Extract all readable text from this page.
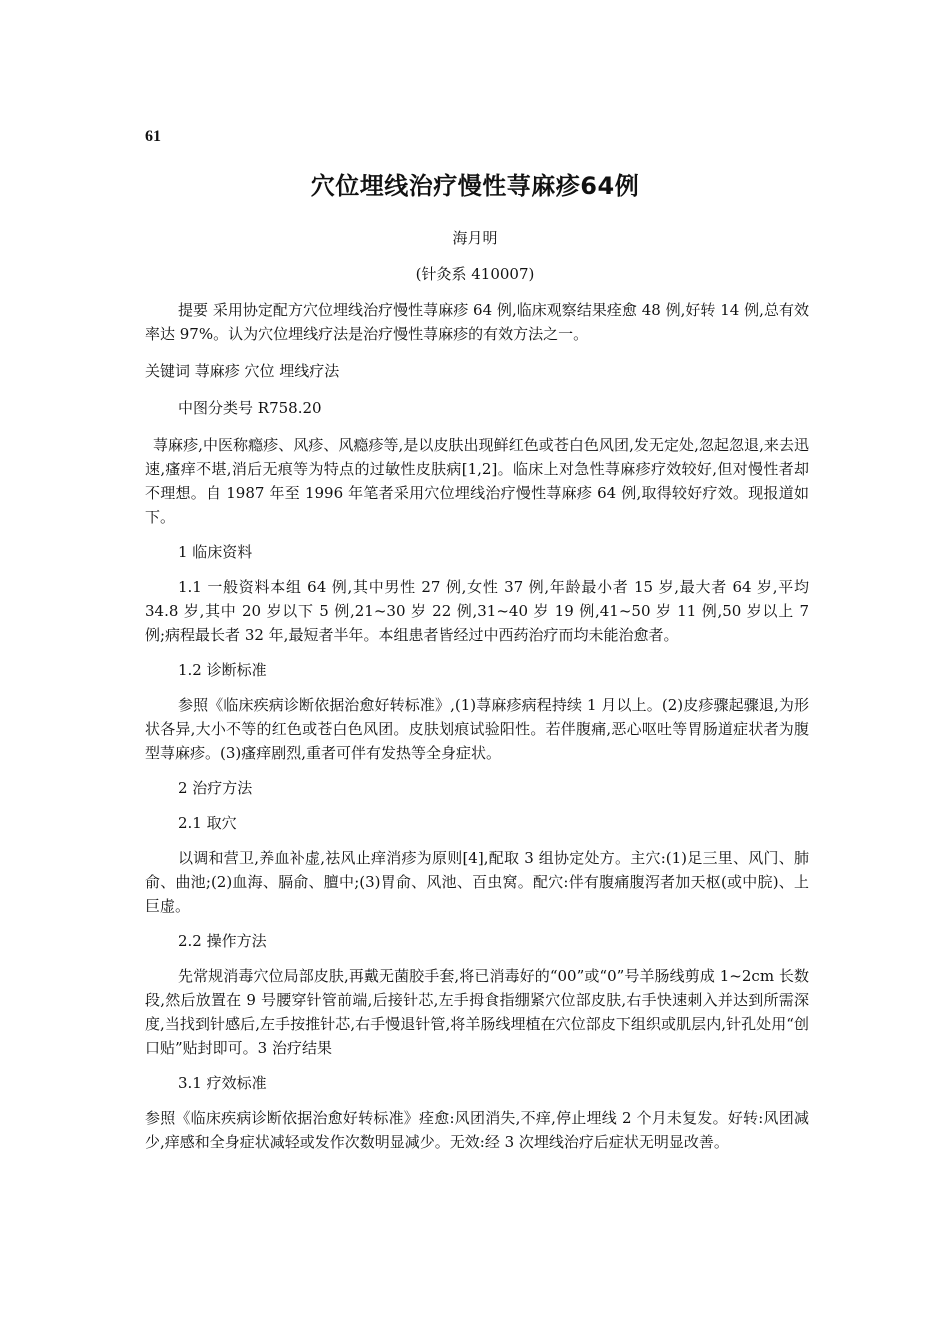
61
穴位埋线治疗慢性荨麻疹64例
海月明
(针灸系 410007)

提要 采用协定配方穴位埋线治疗慢性荨麻疹 64 例,临床观察结果痊愈 48 例,好转 14 例,总有效率达 97%。认为穴位埋线疗法是治疗慢性荨麻疹的有效方法之一。

关键词 荨麻疹 穴位 埋线疗法

中图分类号 R758.20

荨麻疹,中医称瘾疹、风疹、风瘾疹等,是以皮肤出现鲜红色或苍白色风团,发无定处,忽起忽退,来去迅速,瘙痒不堪,消后无痕等为特点的过敏性皮肤病[1,2]。临床上对急性荨麻疹疗效较好,但对慢性者却不理想。自 1987 年至 1996 年笔者采用穴位埋线治疗慢性荨麻疹 64 例,取得较好疗效。现报道如下。

1 临床资料

1.1 一般资料本组 64 例,其中男性 27 例,女性 37 例,年龄最小者 15 岁,最大者 64 岁,平均 34.8 岁,其中 20 岁以下 5 例,21~30 岁 22 例,31~40 岁 19 例,41~50 岁 11 例,50 岁以上 7 例;病程最长者 32 年,最短者半年。本组患者皆经过中西药治疗而均未能治愈者。

1.2 诊断标准

参照《临床疾病诊断依据治愈好转标准》,(1)荨麻疹病程持续 1 月以上。(2)皮疹骤起骤退,为形状各异,大小不等的红色或苍白色风团。皮肤划痕试验阳性。若伴腹痛,恶心呕吐等胃肠道症状者为腹型荨麻疹。(3)瘙痒剧烈,重者可伴有发热等全身症状。

2 治疗方法

2.1 取穴

以调和营卫,养血补虚,祛风止痒消疹为原则[4],配取 3 组协定处方。主穴:(1)足三里、风门、肺俞、曲池;(2)血海、膈俞、膻中;(3)胃俞、风池、百虫窝。配穴:伴有腹痛腹泻者加天枢(或中脘)、上巨虚。

2.2 操作方法

先常规消毒穴位局部皮肤,再戴无菌胶手套,将已消毒好的“00”或“0”号羊肠线剪成 1~2cm 长数段,然后放置在 9 号腰穿针管前端,后接针芯,左手拇食指绷紧穴位部皮肤,右手快速刺入并达到所需深度,当找到针感后,左手按推针芯,右手慢退针管,将羊肠线埋植在穴位部皮下组织或肌层内,针孔处用“创口贴”贴封即可。3 治疗结果

3.1 疗效标准

参照《临床疾病诊断依据治愈好转标准》痊愈:风团消失,不痒,停止埋线 2 个月未复发。好转:风团减少,痒感和全身症状减轻或发作次数明显减少。无效:经 3 次埋线治疗后症状无明显改善。
